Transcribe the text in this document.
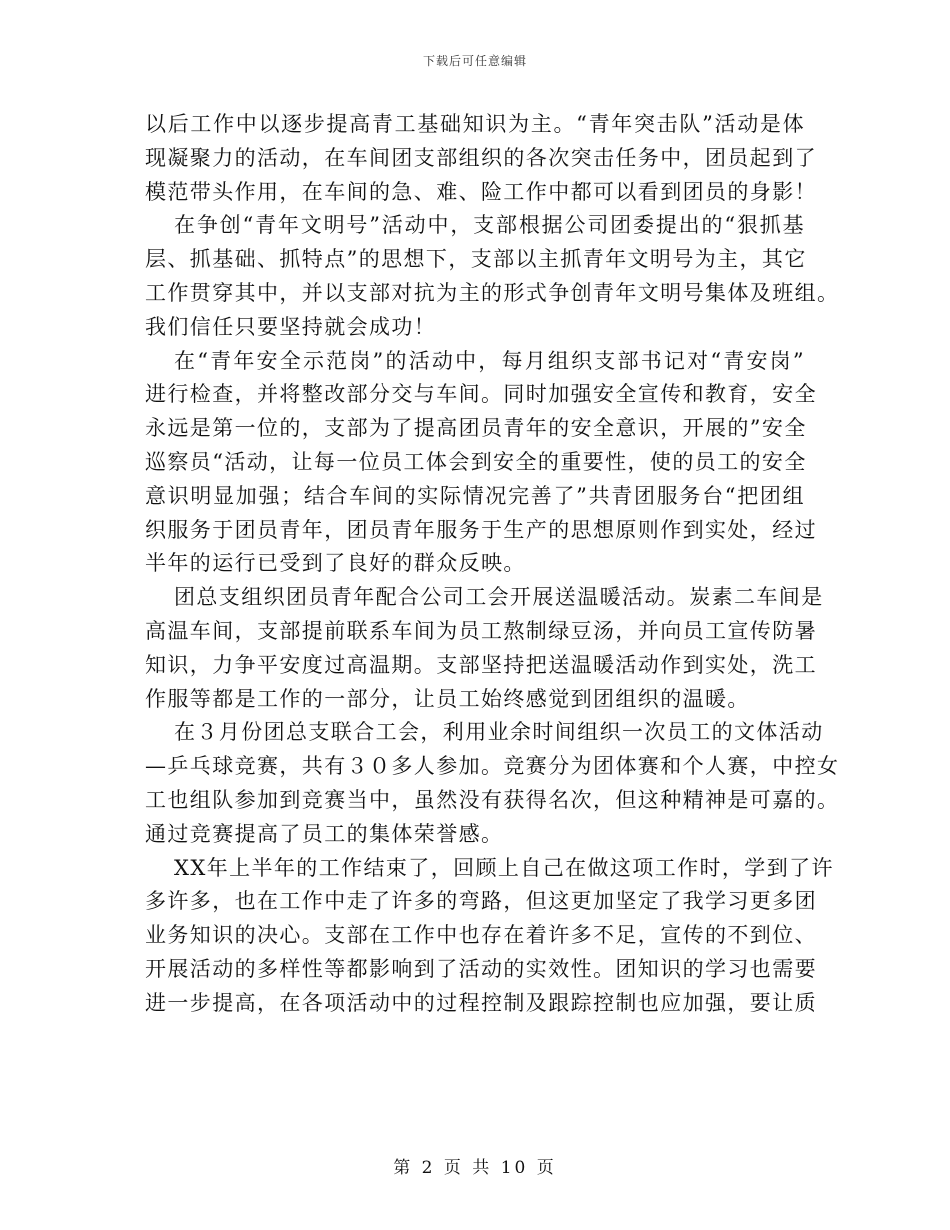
下载后可任意编辑
以后工作中以逐步提高青工基础知识为主。“青年突击队”活动是体
现凝聚力的活动，在车间团支部组织的各次突击任务中，团员起到了
模范带头作用，在车间的急、难、险工作中都可以看到团员的身影！
在争创“青年文明号”活动中，支部根据公司团委提出的“狠抓基
层、抓基础、抓特点”的思想下，支部以主抓青年文明号为主，其它
工作贯穿其中，并以支部对抗为主的形式争创青年文明号集体及班组。
我们信任只要坚持就会成功！
在“青年安全示范岗”的活动中，每月组织支部书记对“青安岗”
进行检查，并将整改部分交与车间。同时加强安全宣传和教育，安全
永远是第一位的，支部为了提高团员青年的安全意识，开展的”安全
巡察员“活动，让每一位员工体会到安全的重要性，使的员工的安全
意识明显加强；结合车间的实际情况完善了”共青团服务台“把团组
织服务于团员青年，团员青年服务于生产的思想原则作到实处，经过
半年的运行已受到了良好的群众反映。
团总支组织团员青年配合公司工会开展送温暖活动。炭素二车间是
高温车间，支部提前联系车间为员工熬制绿豆汤，并向员工宣传防暑
知识，力争平安度过高温期。支部坚持把送温暖活动作到实处，洗工
作服等都是工作的一部分，让员工始终感觉到团组织的温暖。
在３月份团总支联合工会，利用业余时间组织一次员工的文体活动
—乒乓球竞赛，共有３０多人参加。竞赛分为团体赛和个人赛，中控女
工也组队参加到竞赛当中，虽然没有获得名次，但这种精神是可嘉的。
通过竞赛提高了员工的集体荣誉感。
XX年上半年的工作结束了，回顾上自己在做这项工作时，学到了许
多许多，也在工作中走了许多的弯路，但这更加坚定了我学习更多团
业务知识的决心。支部在工作中也存在着许多不足，宣传的不到位、
开展活动的多样性等都影响到了活动的实效性。团知识的学习也需要
进一步提高，在各项活动中的过程控制及跟踪控制也应加强，要让质
第 2 页 共 10 页
